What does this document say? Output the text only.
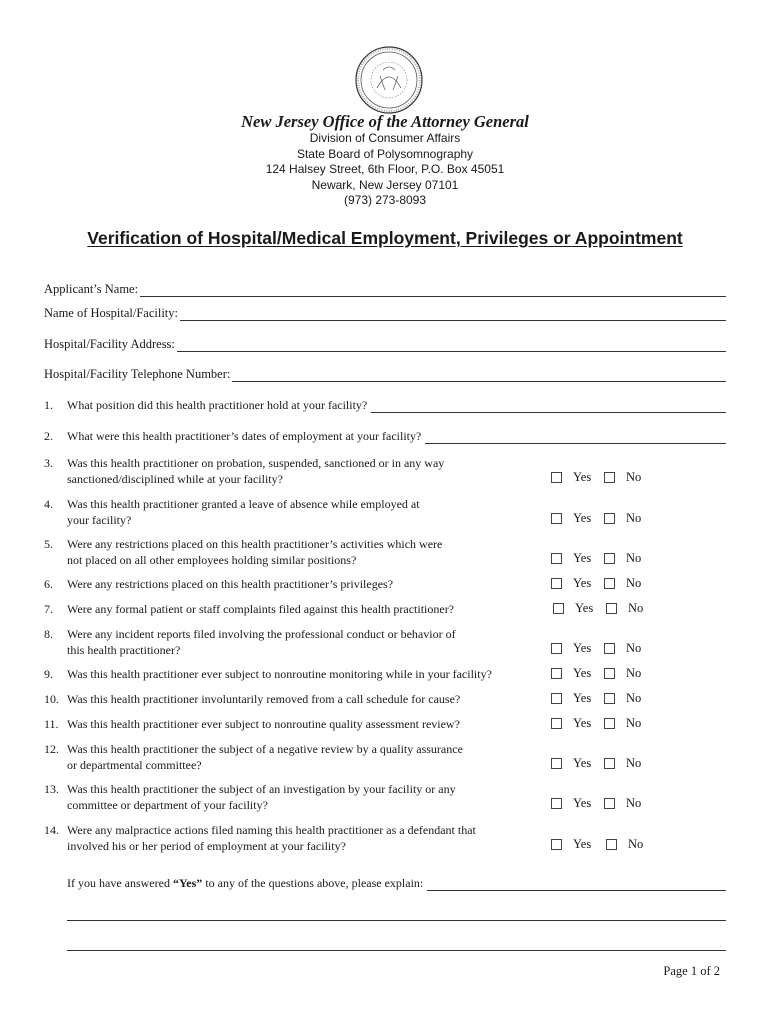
New Jersey Office of the Attorney General
Division of Consumer Affairs
State Board of Polysomnography
124 Halsey Street, 6th Floor, P.O. Box 45051
Newark, New Jersey 07101
(973) 273-8093
Verification of Hospital/Medical Employment, Privileges or Appointment
Applicant’s Name:
Name of Hospital/Facility:
Hospital/Facility Address:
Hospital/Facility Telephone Number:
1.	What position did this health practitioner hold at your facility?
2.	What were this health practitioner’s dates of employment at your facility?
3.	Was this health practitioner on probation, suspended, sanctioned or in any way
sanctioned/disciplined while at your facility?	Yes	No
4.	Was this health practitioner granted a leave of absence while employed at
your facility?	Yes	No
5.	Were any restrictions placed on this health practitioner’s activities which were
not placed on all other employees holding similar positions?	Yes	No
6.	Were any restrictions placed on this health practitioner’s privileges?	Yes	No
7.	Were any formal patient or staff complaints filed against this health practitioner?	Yes	No
8.	Were any incident reports filed involving the professional conduct or behavior of
this health practitioner?	Yes	No
9.	Was this health practitioner ever subject to nonroutine monitoring while in your facility?	Yes	No
10. Was this health practitioner involuntarily removed from a call schedule for cause?	Yes	No
11. Was this health practitioner ever subject to nonroutine quality assessment review?	Yes	No
12. Was this health practitioner the subject of a negative review by a quality assurance
or departmental committee?	Yes	No
13. Was this health practitioner the subject of an investigation by your facility or any
committee or department of your facility?	Yes	No
14. Were any malpractice actions filed naming this health practitioner as a defendant that
involved his or her period of employment at your facility?	Yes	No
If you have answered “Yes” to any of the questions above, please explain:
Page 1 of 2
